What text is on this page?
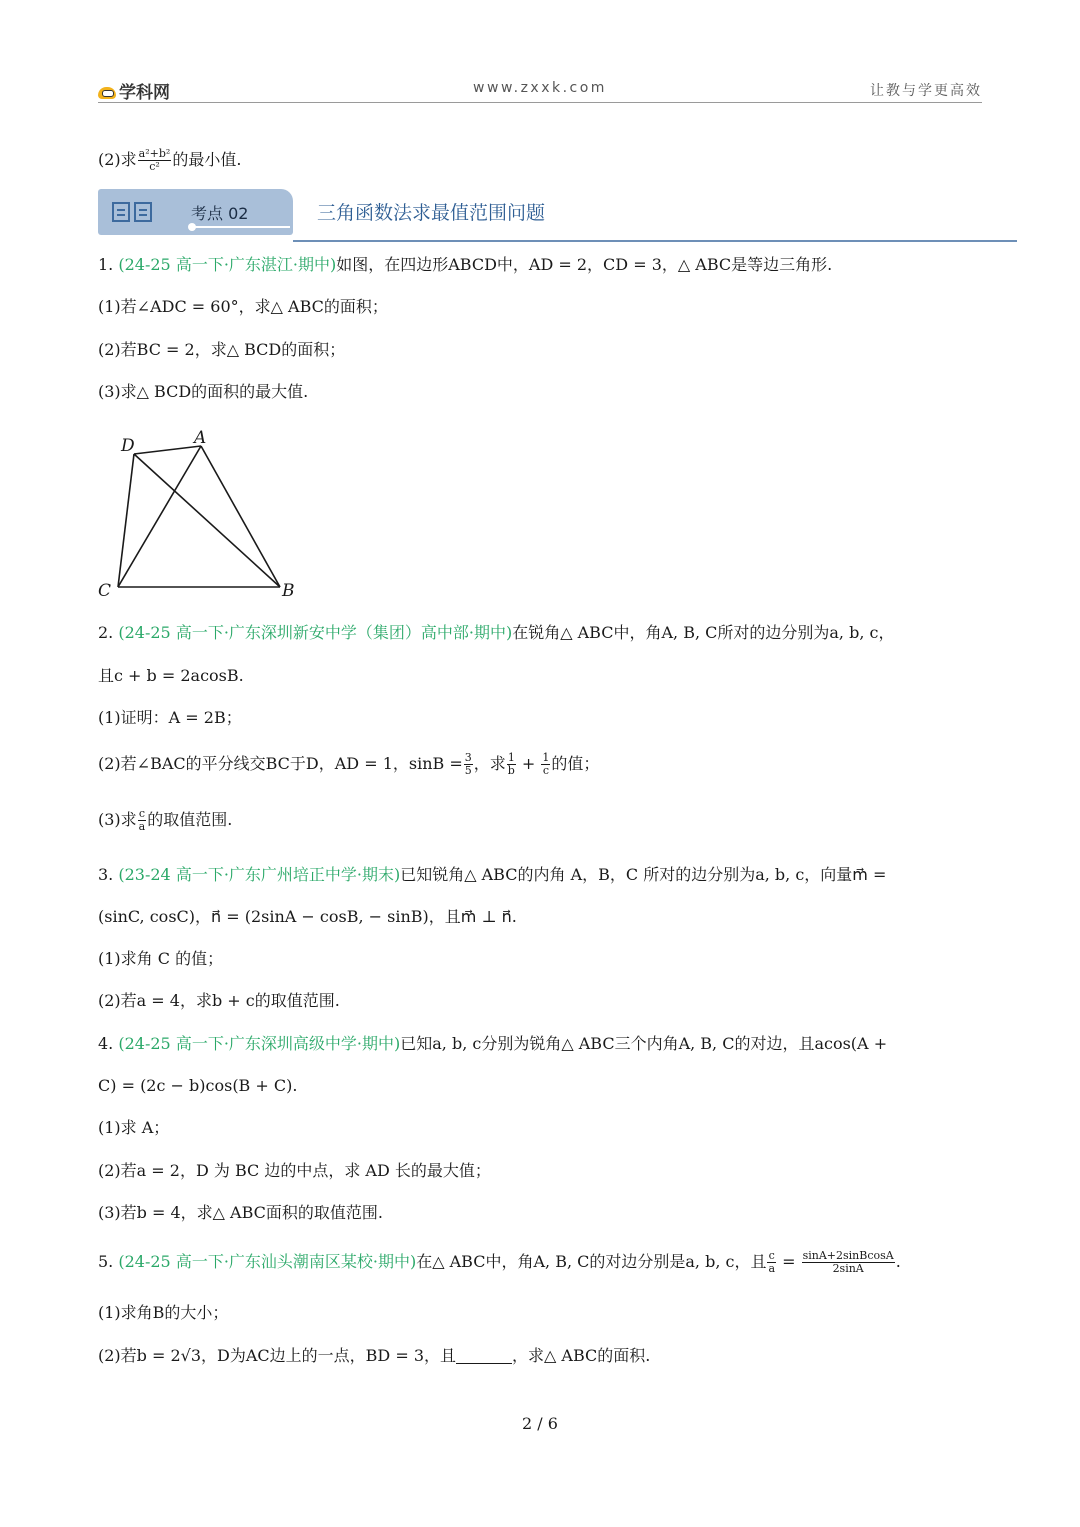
学科网	www.zxxk.com	让教与学更高效
(2)求 $\frac{\text{a²+b²}}{\text{c²}}$ 的最小值.
考点 02	三角函数法求最值范围问题
1. (24-25 高一下·广东湛江·期中)如图，在四边形ABCD中，AD = 2，CD = 3，△ ABC是等边三角形.
(1)若∠ADC = 60°，求△ ABC的面积；
(2)若BC = 2，求△ BCD的面积；
(3)求△ BCD的面积的最大值.
D	A
C	B
2. (24-25 高一下·广东深圳新安中学（集团）高中部·期中)在锐角△ ABC中，角A, B, C所对的边分别为a, b, c，
且c + b = 2acosB.
(1)证明：A = 2B；
(2)若∠BAC的平分线交BC于D，AD = 1，$\sin B = \frac{3}{5}$ ，求 $\frac{1}{b} + \frac{1}{c}$ 的值；
(3)求 $\frac{c}{a}$ 的取值范围.
3. (23-24 高一下·广东广州培正中学·期末)已知锐角△ ABC的内角 A，B，C 所对的边分别为a, b, c，向量m⃗ =
(sinC, cosC)，n⃗ = (2sinA − cosB, − sinB)，且m⃗ ⊥ n⃗.
(1)求角 C 的值；
(2)若a = 4，求b + c的取值范围.
4. (24-25 高一下·广东深圳高级中学·期中)已知a, b, c分别为锐角△ ABC三个内角A, B, C的对边，且acos(A +
C) = (2c − b)cos(B + C).
(1)求 A；
(2)若a = 2，D 为 BC 边的中点，求 AD 长的最大值；
(3)若b = 4，求△ ABC面积的取值范围.
5. (24-25 高一下·广东汕头潮南区某校·期中)在△ ABC中，角A, B, C的对边分别是a, b, c，且 $\frac{c}{a} = \frac{\text{sinA+2sinBcosA}}{2\sin A}$ .
(1)求角B的大小；
(2)若b = 2√3，D为AC边上的一点，BD = 3，且	，求△ ABC的面积.
2 / 6
